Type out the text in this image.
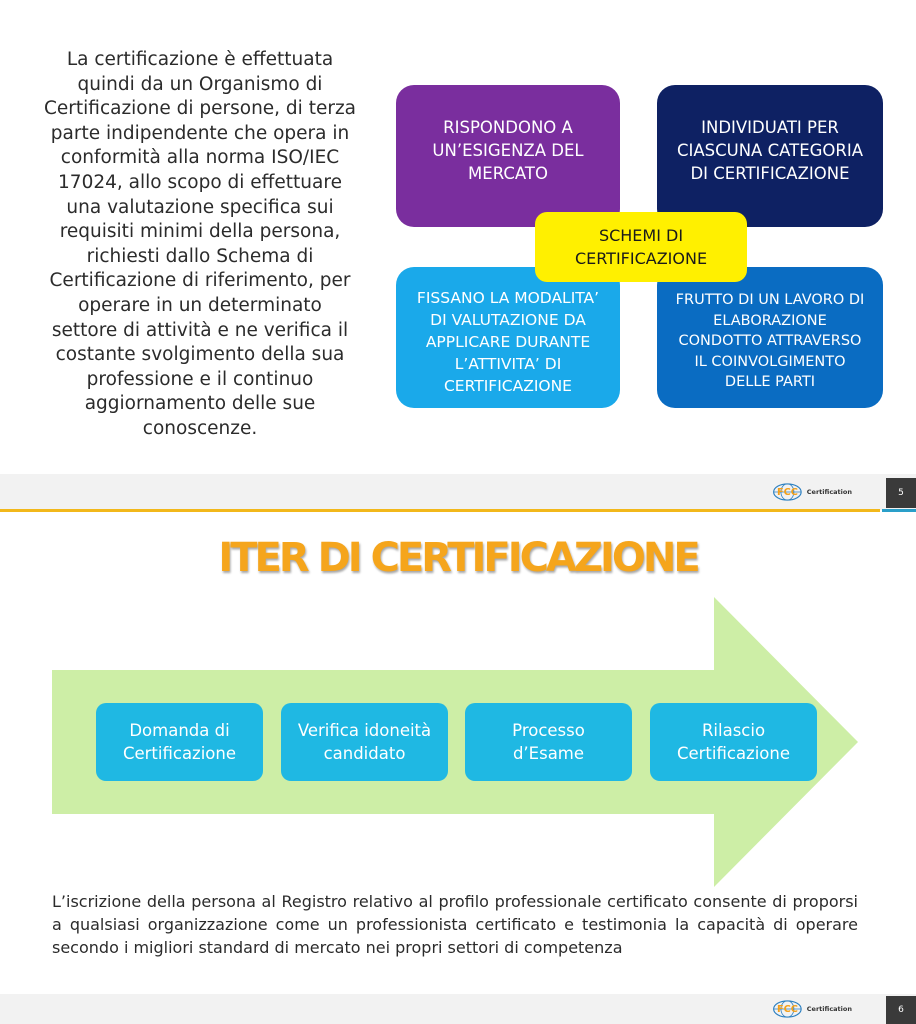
La certificazione è effettuata
quindi da un Organismo di
Certificazione di persone, di terza
parte indipendente che opera in
conformità alla norma ISO/IEC
17024, allo scopo di effettuare
una valutazione specifica sui
requisiti minimi della persona,
richiesti dallo Schema di
Certificazione di riferimento, per
operare in un determinato
settore di attività e ne verifica il
costante svolgimento della sua
professione e il continuo
aggiornamento delle sue
conoscenze.
RISPONDONO A
UN’ESIGENZA DEL
MERCATO
INDIVIDUATI PER
CIASCUNA CATEGORIA
DI CERTIFICAZIONE
FISSANO LA MODALITA’
DI VALUTAZIONE DA
APPLICARE DURANTE
L’ATTIVITA’ DI
CERTIFICAZIONE
FRUTTO DI UN LAVORO DI
ELABORAZIONE
CONDOTTO ATTRAVERSO
IL COINVOLGIMENTO
DELLE PARTI
SCHEMI DI
CERTIFICAZIONE
FCC Certification	5
ITER DI CERTIFICAZIONE
Domanda di
Certificazione
Verifica idoneità
candidato
Processo
d’Esame
Rilascio
Certificazione
L’iscrizione della persona al Registro relativo al profilo professionale certificato consente di proporsi a qualsiasi organizzazione come un professionista certificato e testimonia la capacità di operare secondo i migliori standard di mercato nei propri settori di competenza
FCC Certification	6
